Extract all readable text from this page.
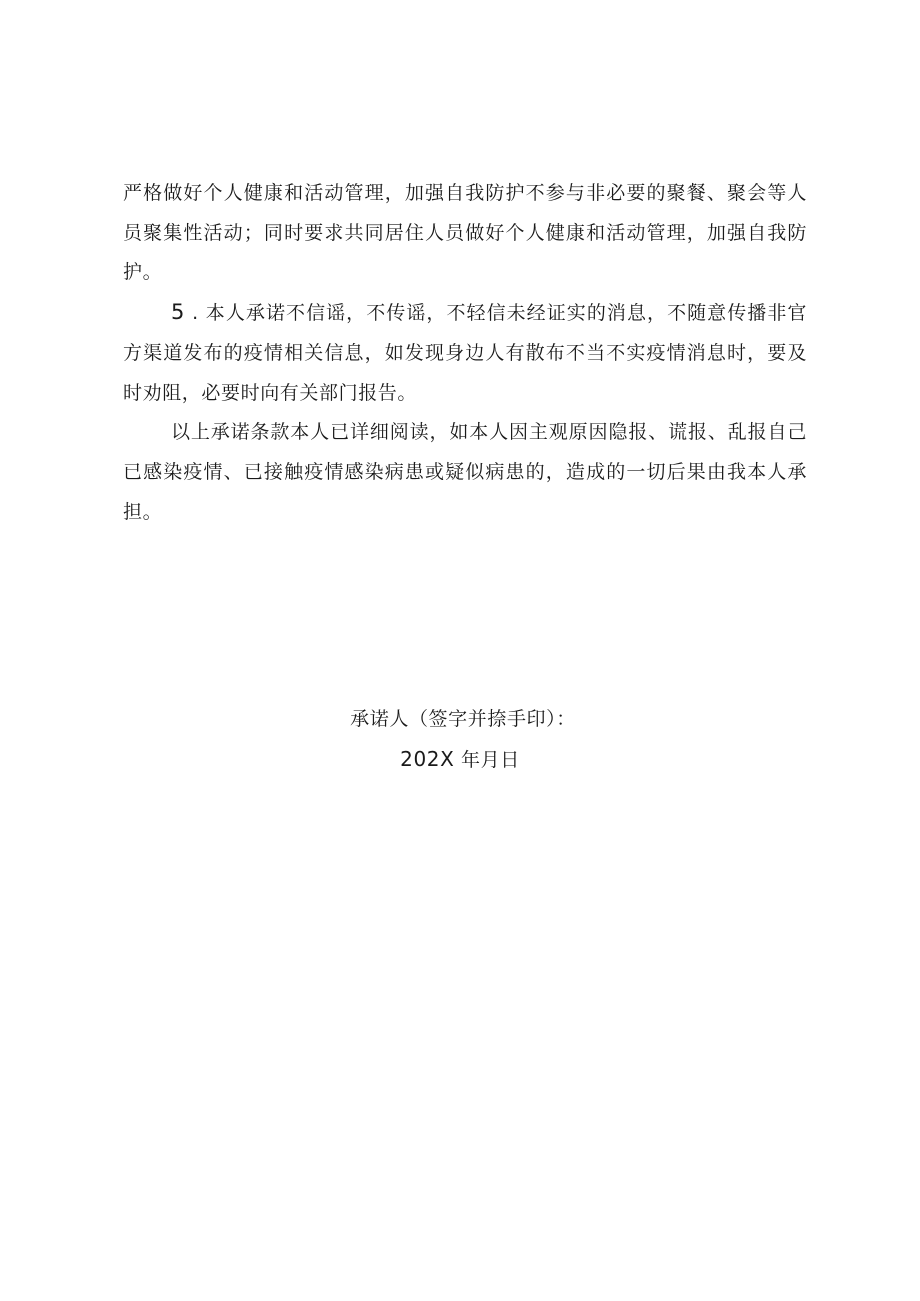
严格做好个人健康和活动管理，加强自我防护不参与非必要的聚餐、聚会等人员聚集性活动；同时要求共同居住人员做好个人健康和活动管理，加强自我防护。

5 . 本人承诺不信谣，不传谣，不轻信未经证实的消息，不随意传播非官方渠道发布的疫情相关信息，如发现身边人有散布不当不实疫情消息时，要及时劝阻，必要时向有关部门报告。

以上承诺条款本人已详细阅读，如本人因主观原因隐报、谎报、乱报自己已感染疫情、已接触疫情感染病患或疑似病患的，造成的一切后果由我本人承担。

承诺人（签字并捺手印）：
202X 年月日
